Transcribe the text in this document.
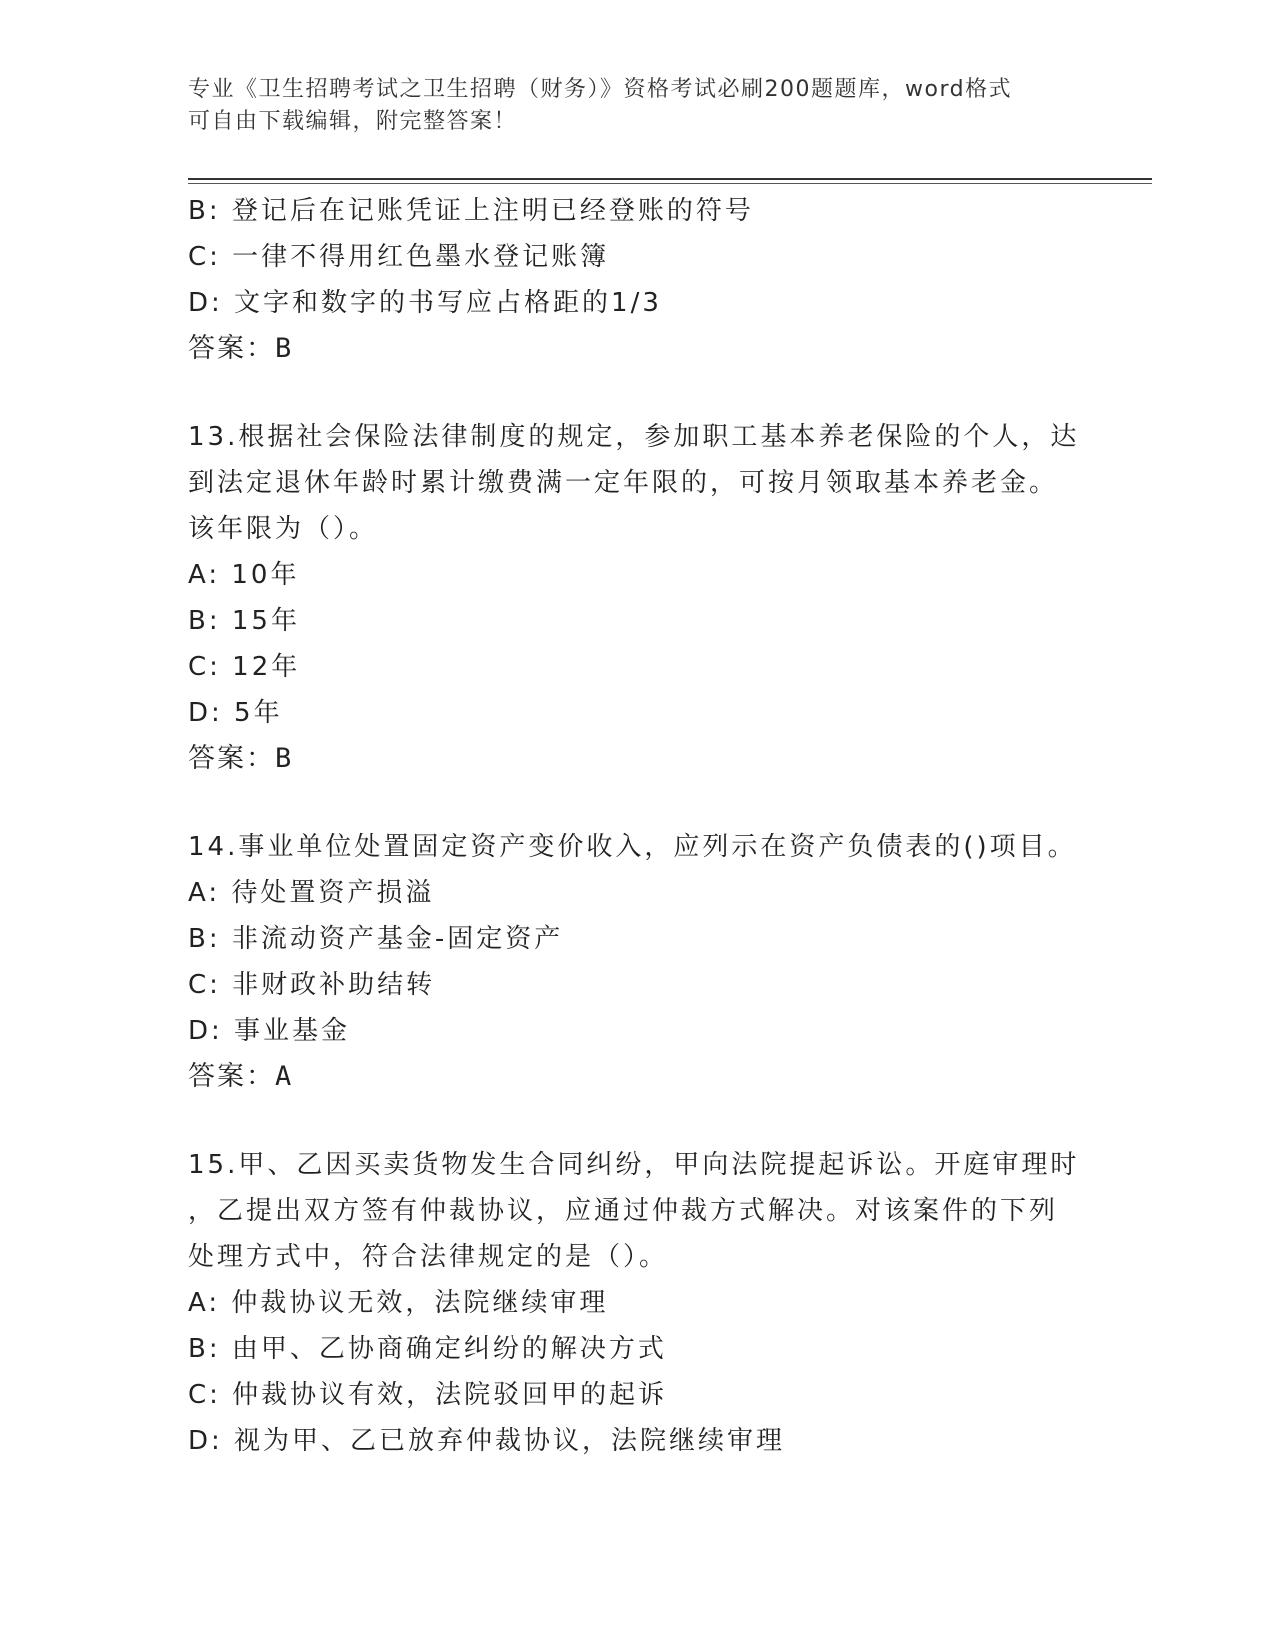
专业《卫生招聘考试之卫生招聘（财务）》资格考试必刷200题题库，word格式
可自由下载编辑，附完整答案！
B: 登记后在记账凭证上注明已经登账的符号
C: 一律不得用红色墨水登记账簿
D: 文字和数字的书写应占格距的1/3
答案：B
13.根据社会保险法律制度的规定，参加职工基本养老保险的个人，达
到法定退休年龄时累计缴费满一定年限的，可按月领取基本养老金。
该年限为（）。
A: 10年
B: 15年
C: 12年
D: 5年
答案：B
14.事业单位处置固定资产变价收入，应列示在资产负债表的()项目。
A: 待处置资产损溢
B: 非流动资产基金-固定资产
C: 非财政补助结转
D: 事业基金
答案：A
15.甲、乙因买卖货物发生合同纠纷，甲向法院提起诉讼。开庭审理时
，乙提出双方签有仲裁协议，应通过仲裁方式解决。对该案件的下列
处理方式中，符合法律规定的是（）。
A: 仲裁协议无效，法院继续审理
B: 由甲、乙协商确定纠纷的解决方式
C: 仲裁协议有效，法院驳回甲的起诉
D: 视为甲、乙已放弃仲裁协议，法院继续审理
